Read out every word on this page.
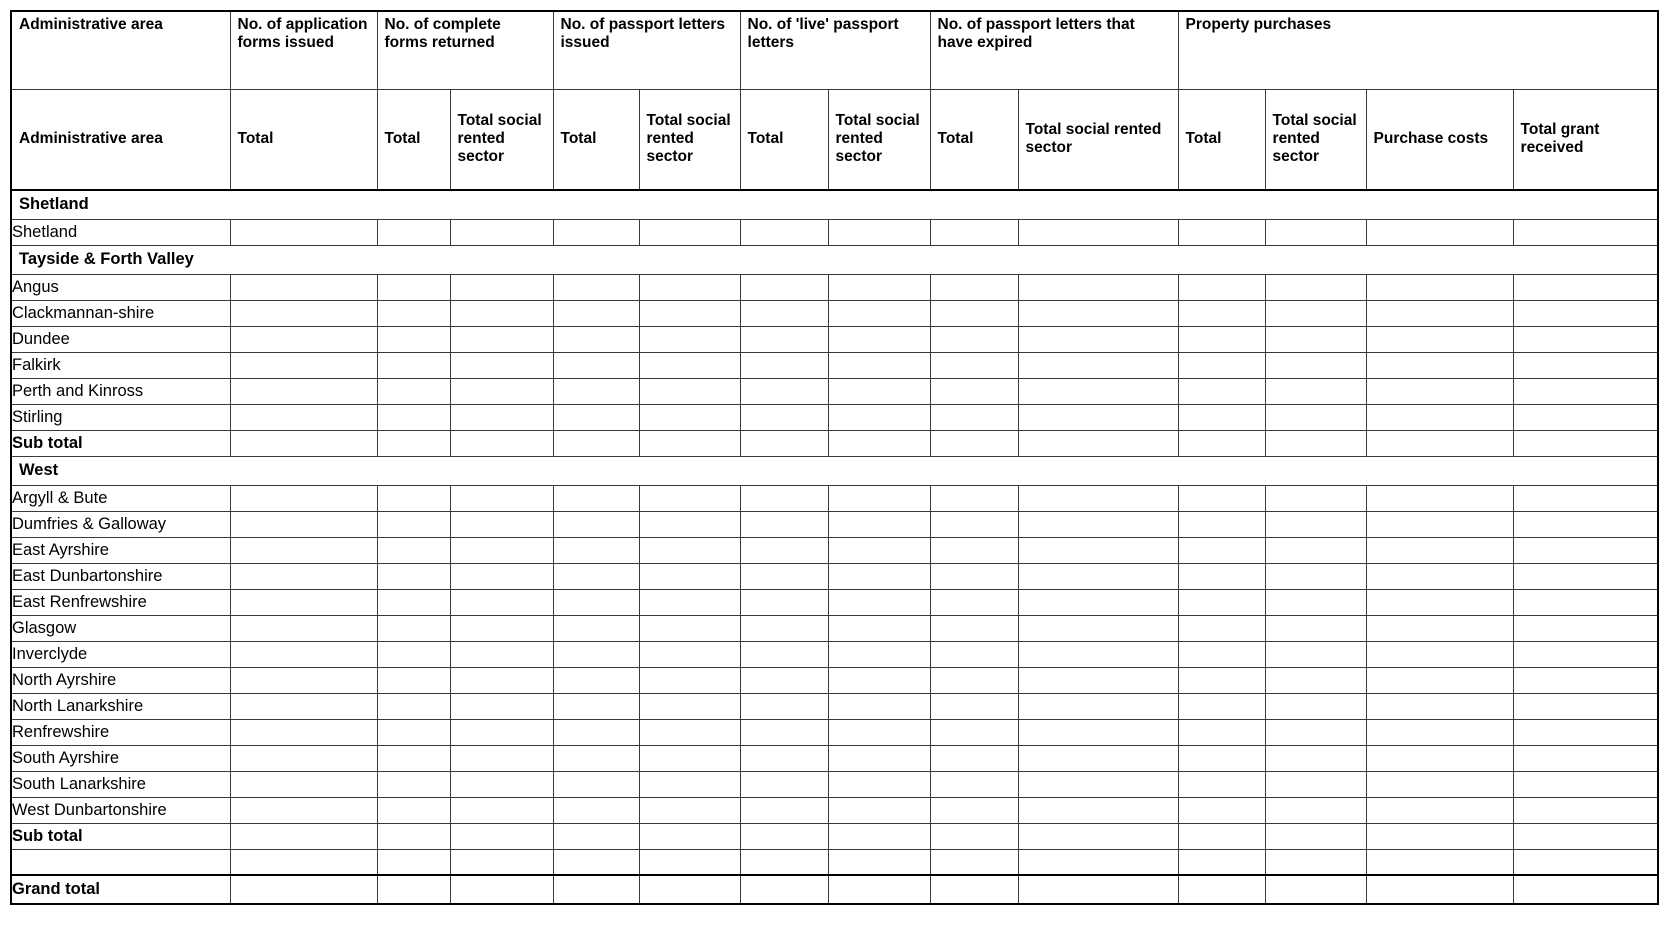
Administrative area	No. of application forms issued	No. of complete forms returned		No. of passport letters issued		No. of 'live' passport letters		No. of passport letters that have expired		Property purchases			
Administrative area	Total	Total	Total social rented sector	Total	Total social rented sector	Total	Total social rented sector	Total	Total social rented sector	Total	Total social rented sector	Purchase costs	Total grant received
Shetland													
Shetland													
Tayside & Forth Valley													
Angus													
Clackmannan-shire													
Dundee													
Falkirk													
Perth and Kinross													
Stirling													
Sub total													
West													
Argyll & Bute													
Dumfries & Galloway													
East Ayrshire													
East Dunbartonshire													
East Renfrewshire													
Glasgow													
Inverclyde													
North Ayrshire													
North Lanarkshire													
Renfrewshire													
South Ayrshire													
South Lanarkshire													
West Dunbartonshire													
Sub total													

Grand total													
